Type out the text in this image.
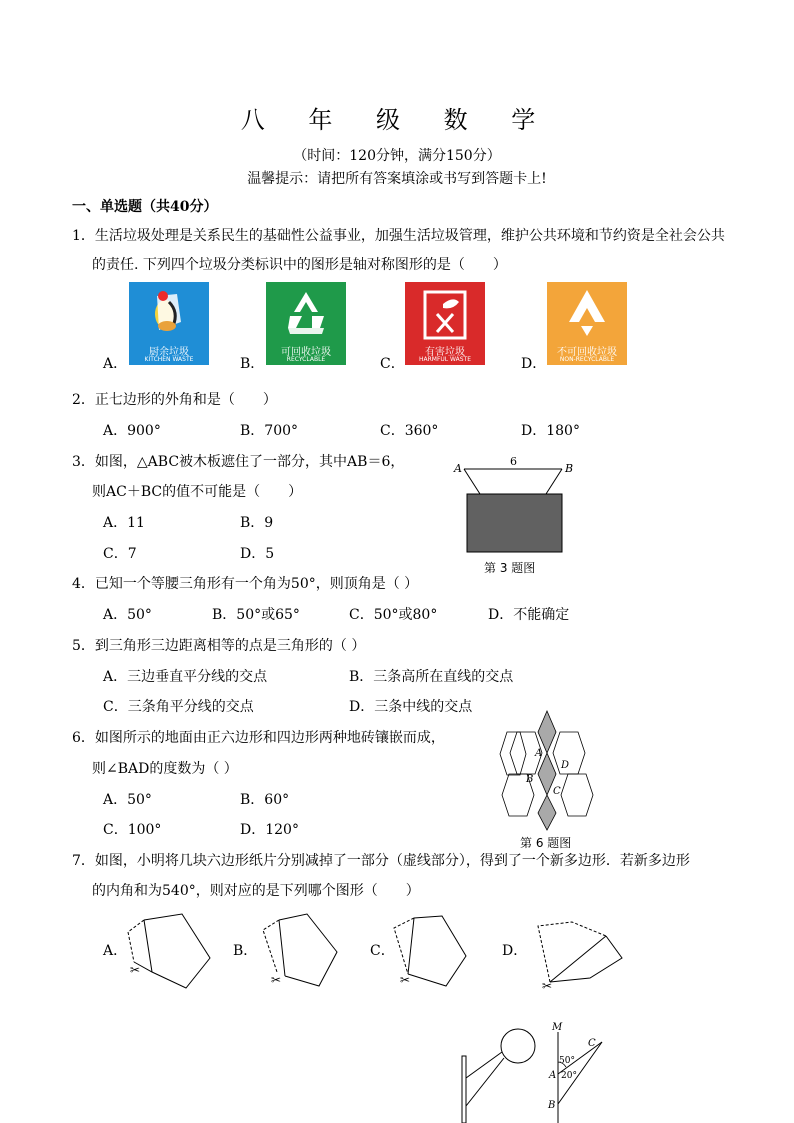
八 年 级 数 学
（时间：120分钟，满分150分）
温馨提示：请把所有答案填涂或书写到答题卡上!
一、单选题（共40分）
1．生活垃圾处理是关系民生的基础性公益事业，加强生活垃圾管理，维护公共环境和节约资是全社会公共
的责任. 下列四个垃圾分类标识中的图形是轴对称图形的是（　　）
A．
厨余垃圾
KITCHEN WASTE	B．
可回收垃圾
RECYCLABLE	C．
有害垃圾
HARMFUL WASTE	D．
不可回收垃圾
NON-RECYCLABLE
2．正七边形的外角和是（　　）
A．900°	B．700°	C．360°	D．180°
3．如图，△ABC被木板遮住了一部分，其中AB＝6，
则AC＋BC的值不可能是（　　）
A．11	B．9
C．7	D．5
A	B
6
第 3 题图
4．已知一个等腰三角形有一个角为50°，则顶角是（ ）
A．50°	B．50°或65°	C．50°或80°	D．不能确定
5．到三角形三边距离相等的点是三角形的（ ）
A．三边垂直平分线的交点	B．三条高所在直线的交点
C．三条角平分线的交点	D．三条中线的交点
6．如图所示的地面由正六边形和四边形两种地砖镶嵌而成，
则∠BAD的度数为（ ）
A．50°	B．60°
C．100°	D．120°
A
D
B
C
第 6 题图
7．如图，小明将几块六边形纸片分别减掉了一部分（虚线部分），得到了一个新多边形．若新多边形
的内角和为540°，则对应的是下列哪个图形（　　）
A．
✂
B．
✂
C．
✂
D．
✂
M
C
A
B
50°
20°
